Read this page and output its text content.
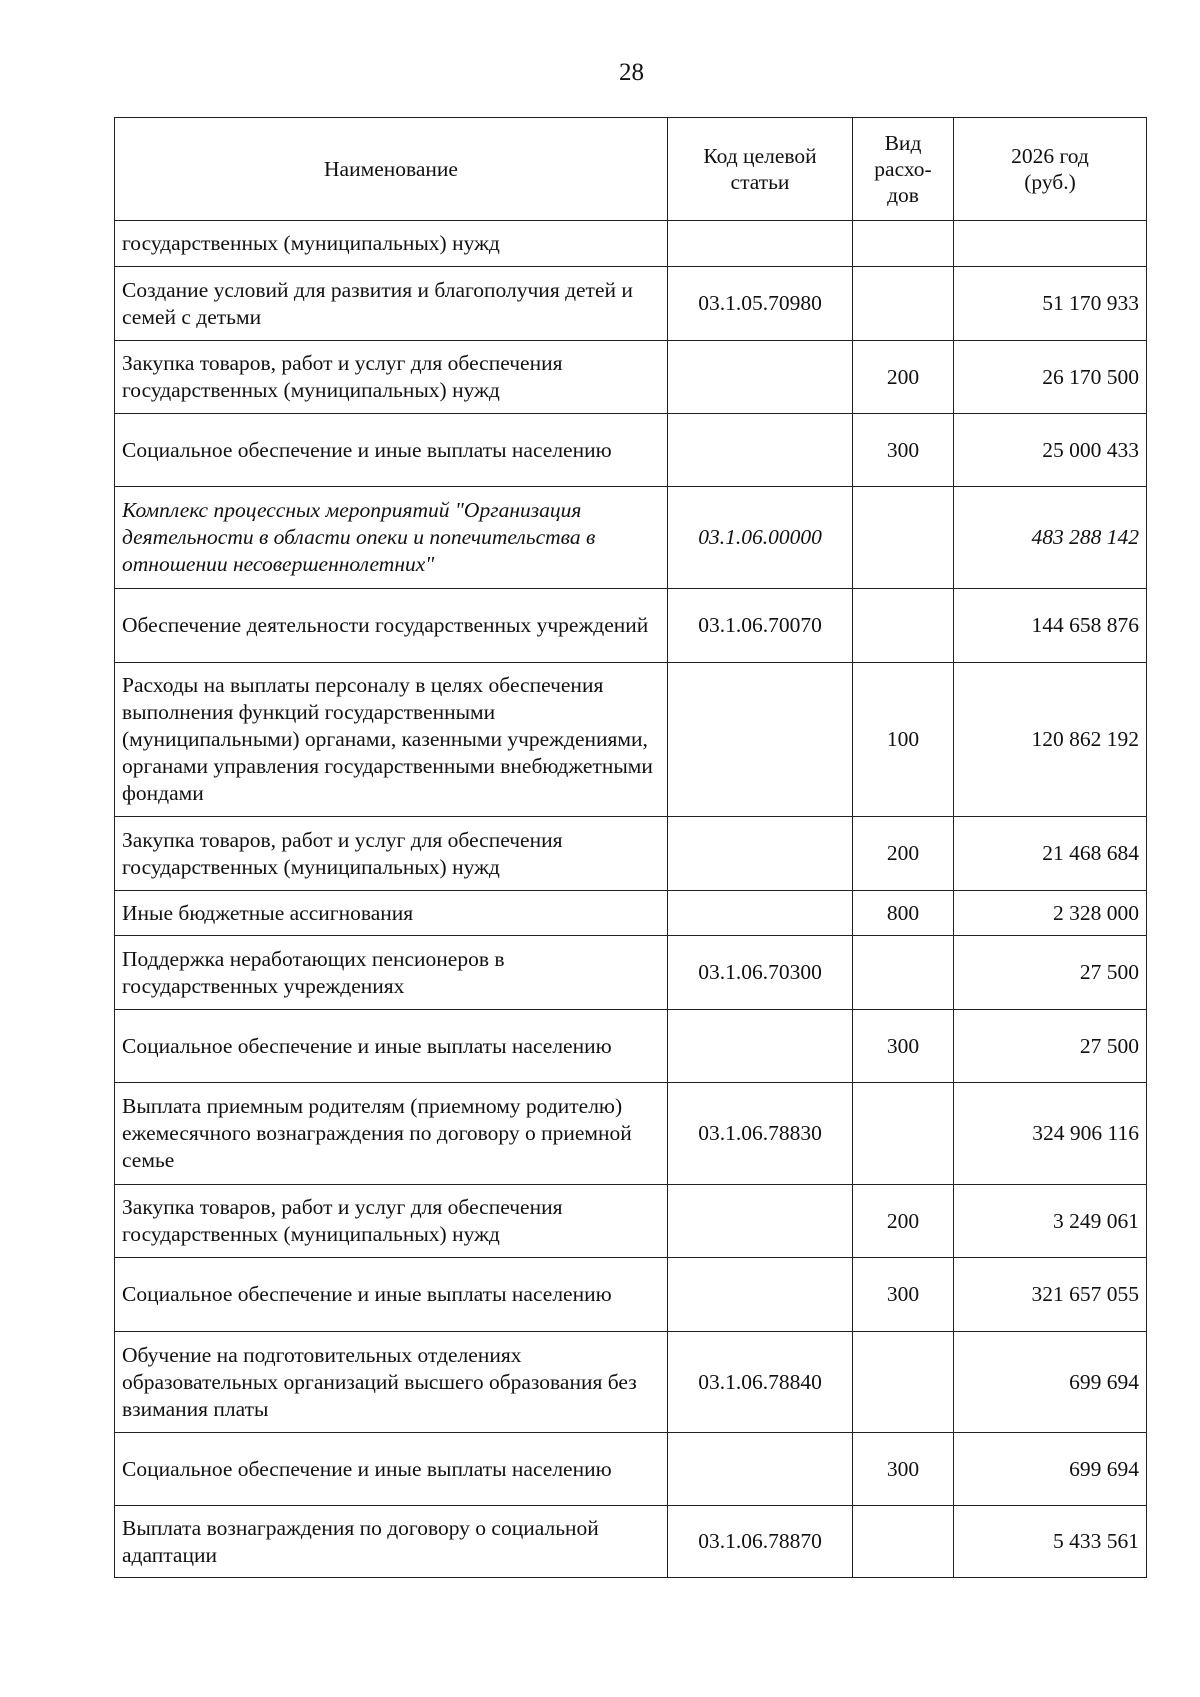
28
Наименование	Код целевой статьи	Вид расхо-дов	2026 год (руб.)
государственных (муниципальных) нужд			
Создание условий для развития и благополучия детей и семей с детьми	03.1.05.70980		51 170 933
Закупка товаров, работ и услуг для обеспечения государственных (муниципальных) нужд		200	26 170 500
Социальное обеспечение и иные выплаты населению		300	25 000 433
Комплекс процессных мероприятий "Организация деятельности в области опеки и попечительства в отношении несовершеннолетних"	03.1.06.00000		483 288 142
Обеспечение деятельности государственных учреждений	03.1.06.70070		144 658 876
Расходы на выплаты персоналу в целях обеспечения выполнения функций государственными (муниципальными) органами, казенными учреждениями, органами управления государственными внебюджетными фондами		100	120 862 192
Закупка товаров, работ и услуг для обеспечения государственных (муниципальных) нужд		200	21 468 684
Иные бюджетные ассигнования		800	2 328 000
Поддержка неработающих пенсионеров в государственных учреждениях	03.1.06.70300		27 500
Социальное обеспечение и иные выплаты населению		300	27 500
Выплата приемным родителям (приемному родителю) ежемесячного вознаграждения по договору о приемной семье	03.1.06.78830		324 906 116
Закупка товаров, работ и услуг для обеспечения государственных (муниципальных) нужд		200	3 249 061
Социальное обеспечение и иные выплаты населению		300	321 657 055
Обучение на подготовительных отделениях образовательных организаций высшего образования без взимания платы	03.1.06.78840		699 694
Социальное обеспечение и иные выплаты населению		300	699 694
Выплата вознаграждения по договору о социальной адаптации	03.1.06.78870		5 433 561
